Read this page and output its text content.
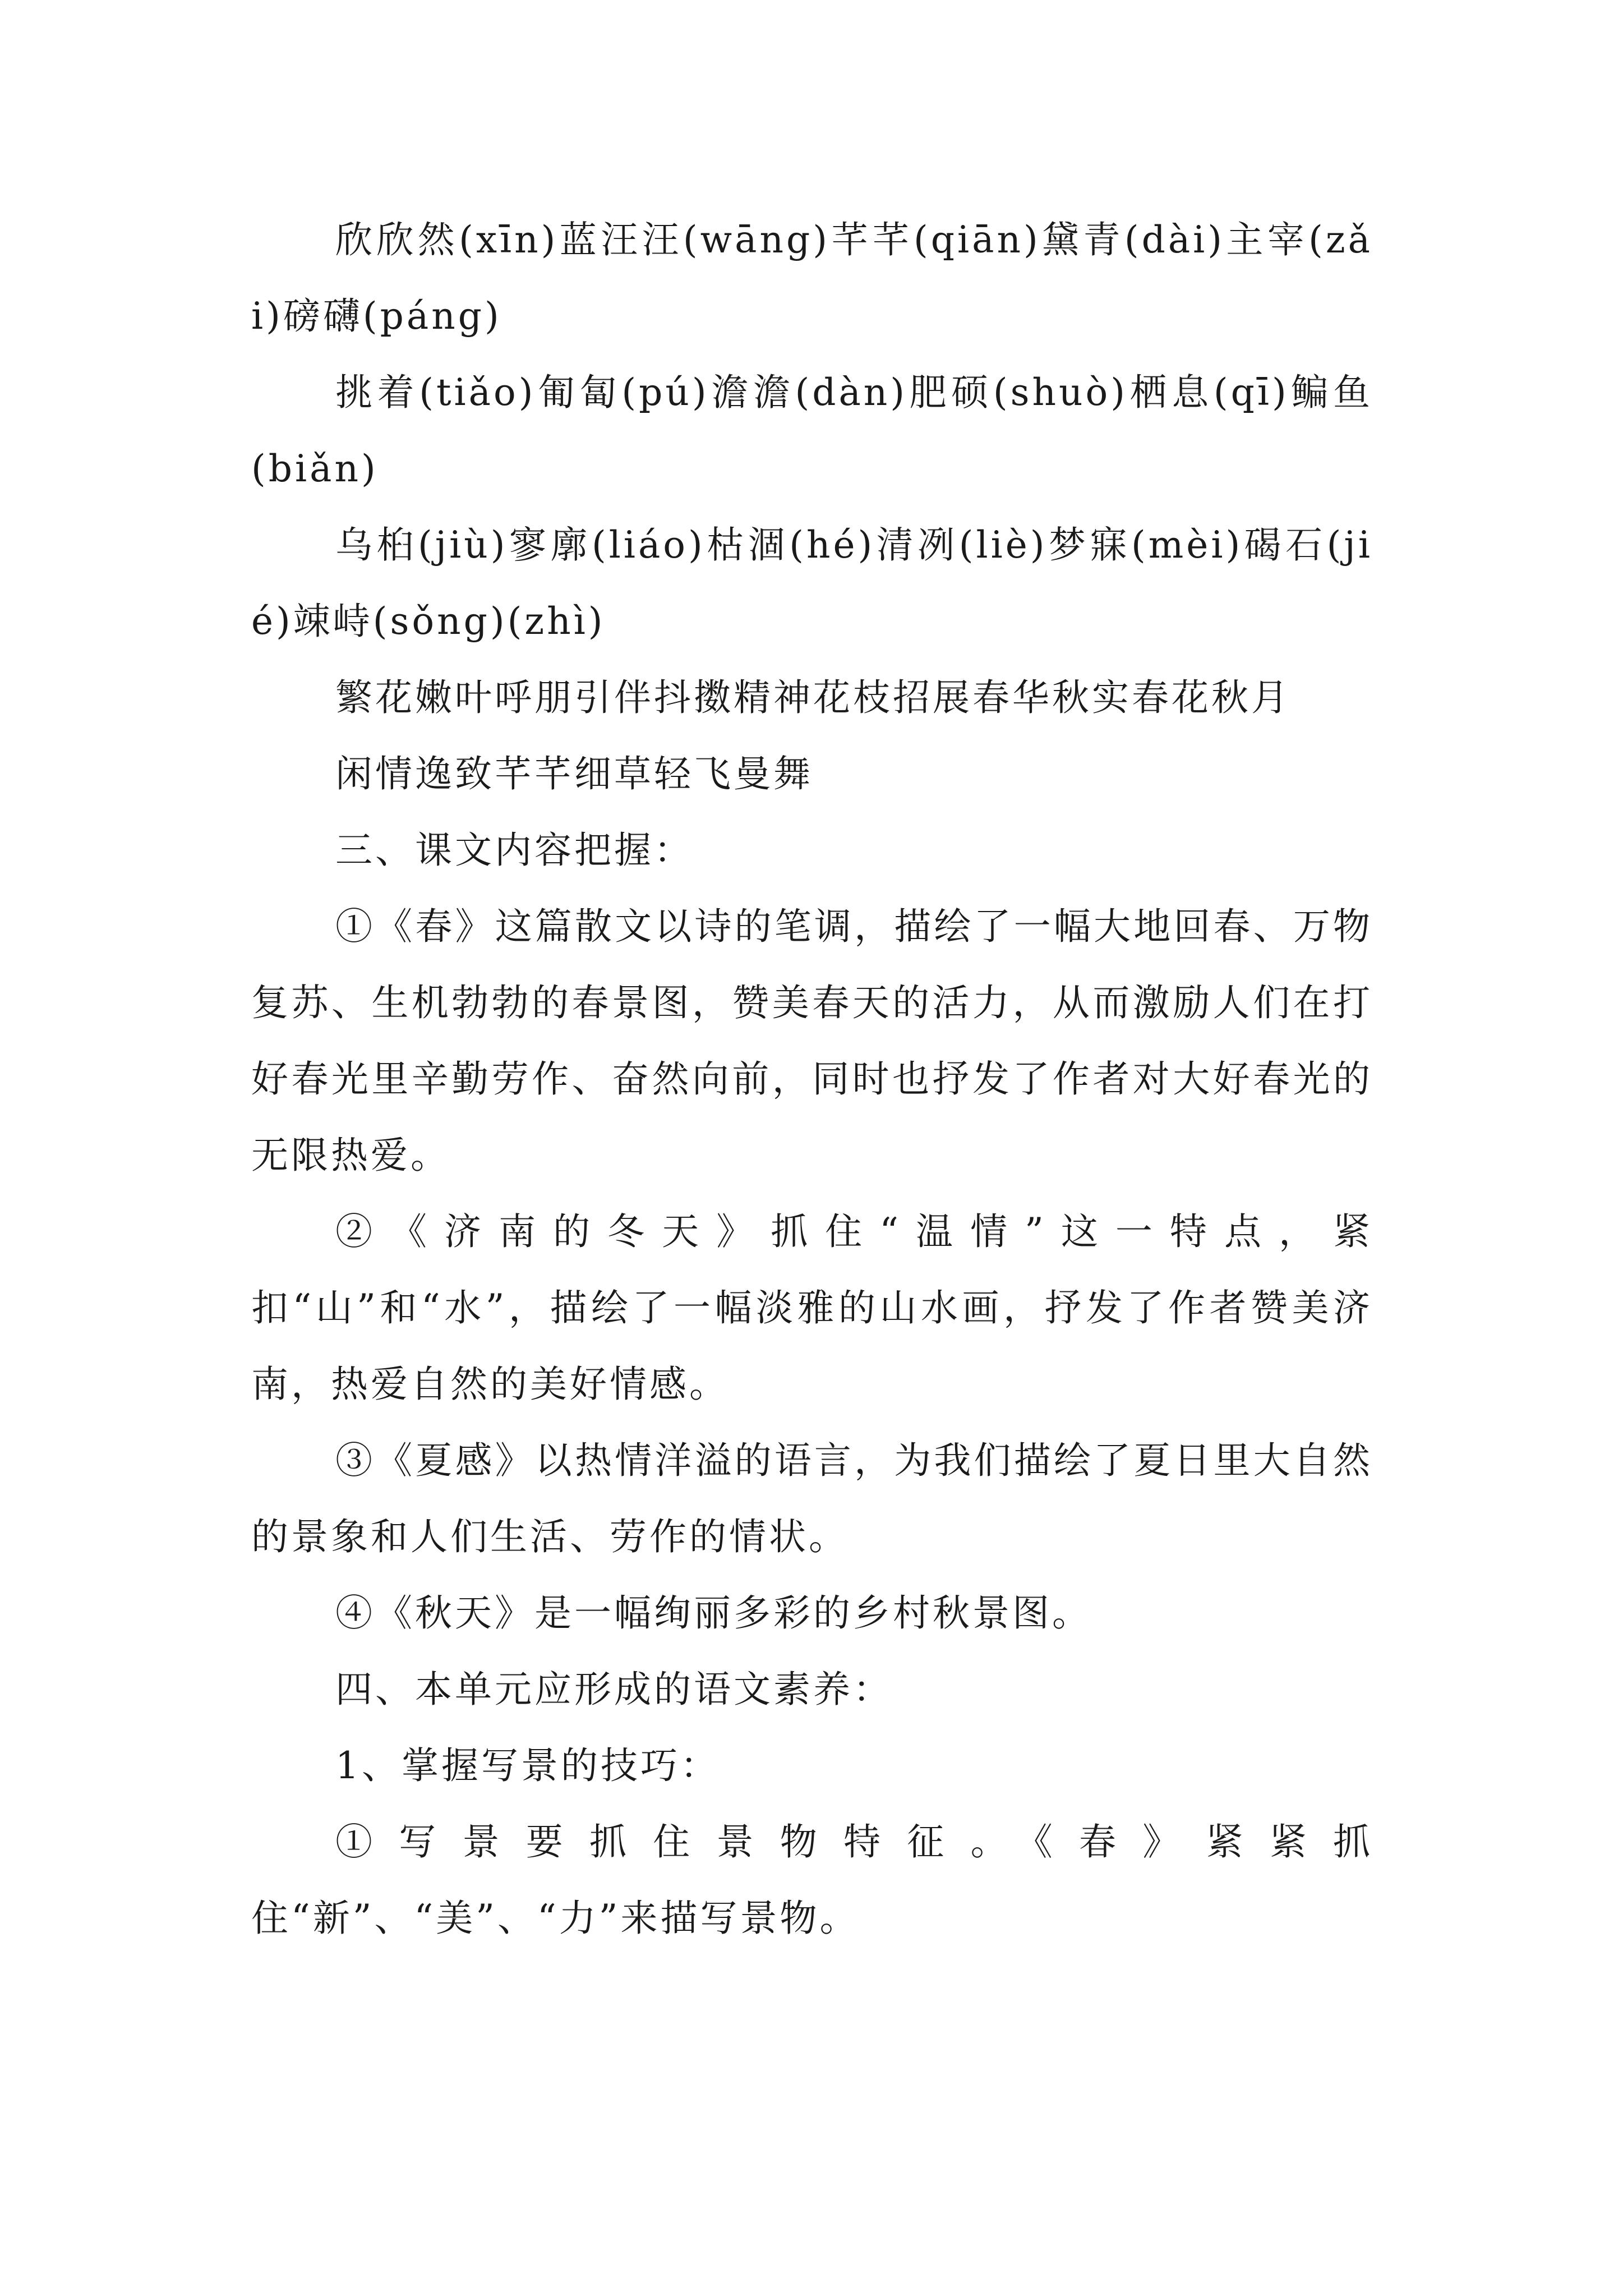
欣欣然(xīn)蓝汪汪(wāng)芊芊(qiān)黛青(dài)主宰(zǎi)磅礴(páng)

挑着(tiǎo)匍匐(pú)澹澹(dàn)肥硕(shuò)栖息(qī)鳊鱼(biǎn)

乌桕(jiù)寥廓(liáo)枯涸(hé)清冽(liè)梦寐(mèi)碣石(jié)竦峙(sǒng)(zhì)

繁花嫩叶呼朋引伴抖擞精神花枝招展春华秋实春花秋月

闲情逸致芊芊细草轻飞曼舞

三、课文内容把握：

①《春》这篇散文以诗的笔调，描绘了一幅大地回春、万物复苏、生机勃勃的春景图，赞美春天的活力，从而激励人们在打好春光里辛勤劳作、奋然向前，同时也抒发了作者对大好春光的无限热爱。

②《济南的冬天》抓住“温情”这一特点，紧扣“山”和“水”，描绘了一幅淡雅的山水画，抒发了作者赞美济南，热爱自然的美好情感。

③《夏感》以热情洋溢的语言，为我们描绘了夏日里大自然的景象和人们生活、劳作的情状。

④《秋天》是一幅绚丽多彩的乡村秋景图。

四、本单元应形成的语文素养：

1、掌握写景的技巧：

①写景要抓住景物特征。《春》紧紧抓住“新”、“美”、“力”来描写景物。
